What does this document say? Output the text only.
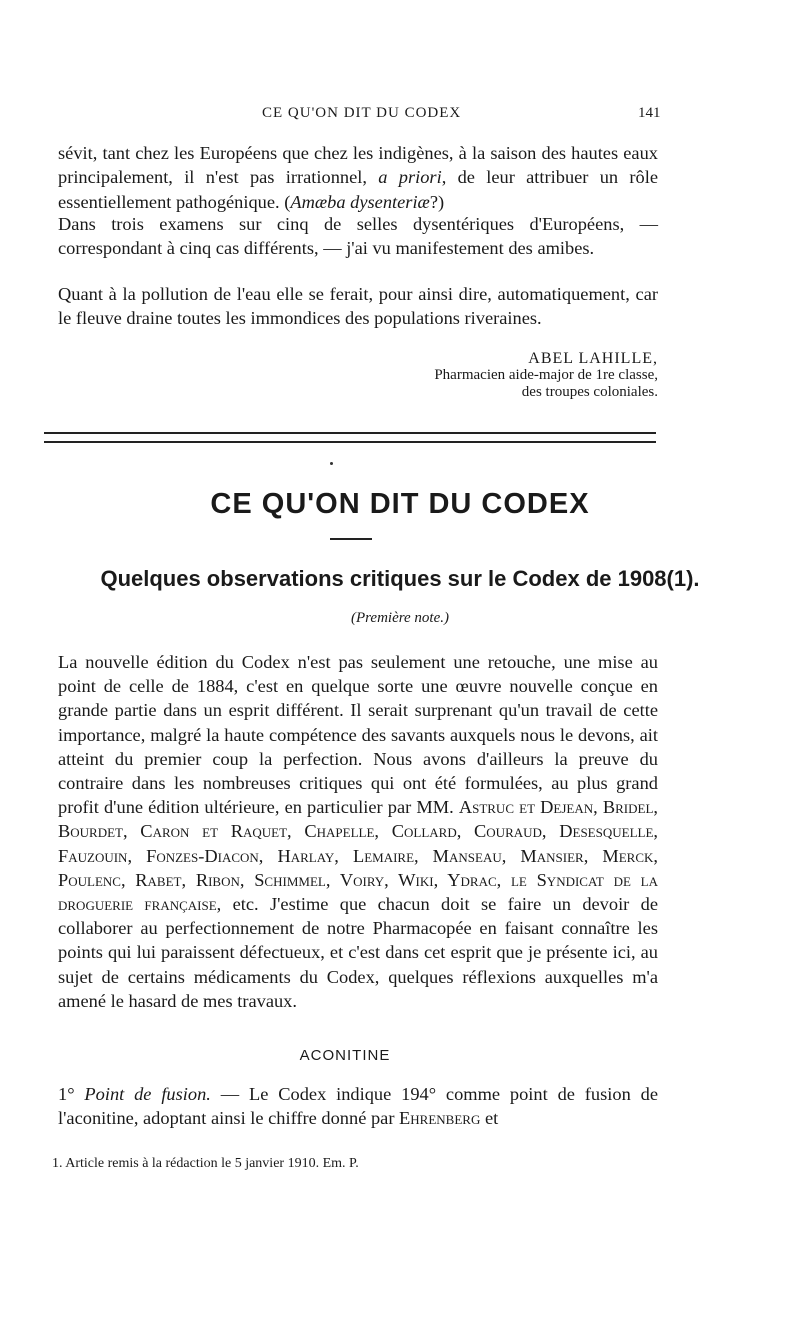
CE QU'ON DIT DU CODEX	141

sévit, tant chez les Européens que chez les indigènes, à la saison des hautes eaux principalement, il n'est pas irrationnel, a priori, de leur attribuer un rôle essentiellement pathogénique. (Amæba dysenteriæ?)

Dans trois examens sur cinq de selles dysentériques d'Européens, — correspondant à cinq cas différents, — j'ai vu manifestement des amibes.

Quant à la pollution de l'eau elle se ferait, pour ainsi dire, automatiquement, car le fleuve draine toutes les immondices des populations riveraines.

ABEL LAHILLE,
Pharmacien aide-major de 1re classe,
des troupes coloniales.
CE QU'ON DIT DU CODEX
Quelques observations critiques sur le Codex de 1908(1).
(Première note.)

La nouvelle édition du Codex n'est pas seulement une retouche, une mise au point de celle de 1884, c'est en quelque sorte une œuvre nouvelle conçue en grande partie dans un esprit différent. Il serait surprenant qu'un travail de cette importance, malgré la haute compétence des savants auxquels nous le devons, ait atteint du premier coup la perfection. Nous avons d'ailleurs la preuve du contraire dans les nombreuses critiques qui ont été formulées, au plus grand profit d'une édition ultérieure, en particulier par MM. Astruc et Dejean, Bridel, Bourdet, Caron et Raquet, Chapelle, Collard, Couraud, Desesquelle, Fauzouin, Fonzes-Diacon, Harlay, Lemaire, Manseau, Mansier, Merck, Poulenc, Rabet, Ribon, Schimmel, Voiry, Wiki, Ydrac, le Syndicat de la droguerie française, etc. J'estime que chacun doit se faire un devoir de collaborer au perfectionnement de notre Pharmacopée en faisant connaître les points qui lui paraissent défectueux, et c'est dans cet esprit que je présente ici, au sujet de certains médicaments du Codex, quelques réflexions auxquelles m'a amené le hasard de mes travaux.

ACONITINE

1° Point de fusion. — Le Codex indique 194° comme point de fusion de l'aconitine, adoptant ainsi le chiffre donné par Ehrenberg et

1. Article remis à la rédaction le 5 janvier 1910. Em. P.
